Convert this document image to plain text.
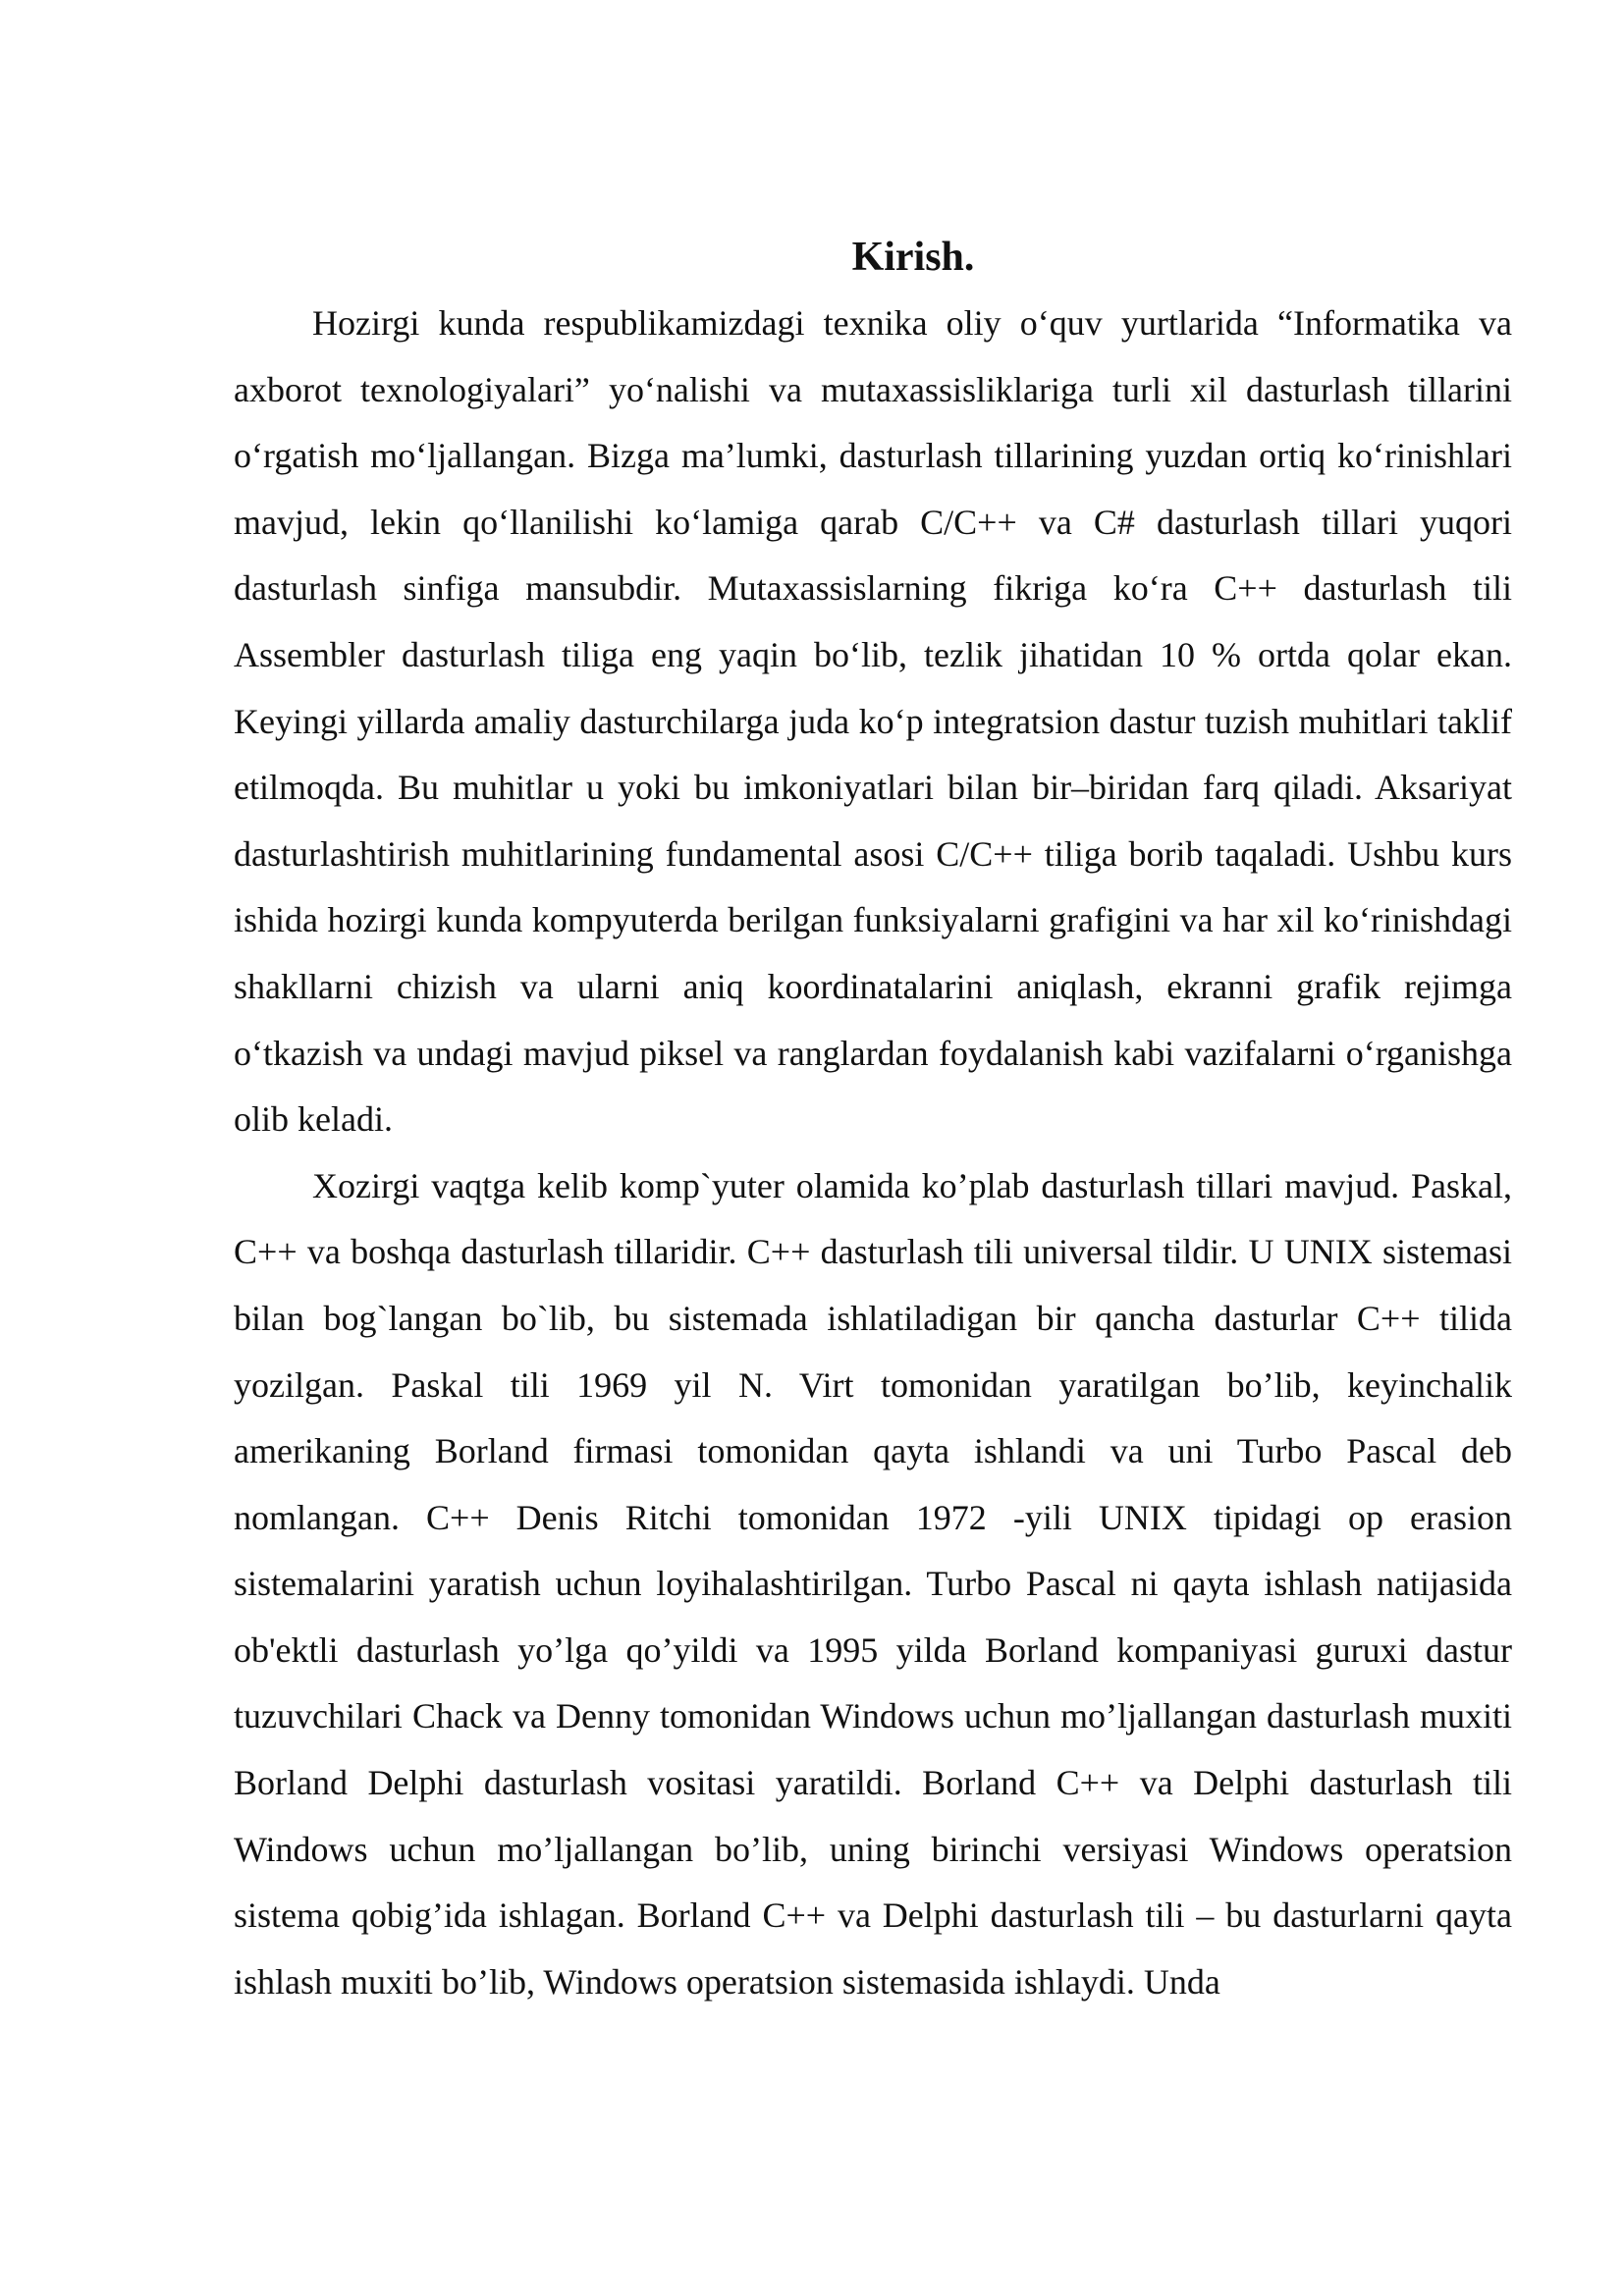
Kirish.

Hozirgi kunda respublikamizdagi texnika oliy o‘quv yurtlarida “Informatika va axborot texnologiyalari” yo‘nalishi va mutaxassisliklariga turli xil dasturlash tillarini o‘rgatish mo‘ljallangan. Bizga ma’lumki, dasturlash tillarining yuzdan ortiq ko‘rinishlari mavjud, lekin qo‘llanilishi ko‘lamiga qarab C/C++ va C# dasturlash tillari yuqori dasturlash sinfiga mansubdir. Mutaxassislarning fikriga ko‘ra C++ dasturlash tili Assembler dasturlash tiliga eng yaqin bo‘lib, tezlik jihatidan 10 % ortda qolar ekan. Keyingi yillarda amaliy dasturchilarga juda ko‘p integratsion dastur tuzish muhitlari taklif etilmoqda. Bu muhitlar u yoki bu imkoniyatlari bilan bir–biridan farq qiladi. Aksariyat dasturlashtirish muhitlarining fundamental asosi C/C++ tiliga borib taqaladi. Ushbu kurs ishida hozirgi kunda kompyuterda berilgan funksiyalarni grafigini va har xil ko‘rinishdagi shakllarni chizish va ularni aniq koordinatalarini aniqlash, ekranni grafik rejimga o‘tkazish va undagi mavjud piksel va ranglardan foydalanish kabi vazifalarni o‘rganishga olib keladi.

Xozirgi vaqtga kelib komp`yuter olamida ko’plab dasturlash tillari mavjud. Paskal, C++ va boshqa dasturlash tillaridir. C++ dasturlash tili universal tildir. U UNIX sistemasi bilan bog`langan bo`lib, bu sistemada ishlatiladigan bir qancha dasturlar C++ tilida yozilgan. Paskal tili 1969 yil N. Virt tomonidan yaratilgan bo’lib, keyinchalik amerikaning Borland firmasi tomonidan qayta ishlandi va uni Turbo Pascal deb nomlangan. C++ Denis Ritchi tomonidan 1972 -yili UNIX tipidagi op erasion sistemalarini yaratish uchun loyihalashtirilgan. Turbo Pascal ni qayta ishlash natijasida ob'ektli dasturlash yo’lga qo’yildi va 1995 yilda Borland kompaniyasi guruxi dastur tuzuvchilari Chack va Denny tomonidan Windows uchun mo’ljallangan dasturlash muxiti Borland Delphi dasturlash vositasi yaratildi. Borland C++ va Delphi dasturlash tili Windows uchun mo’ljallangan bo’lib, uning birinchi versiyasi Windows operatsion sistema qobig’ida ishlagan. Borland C++ va Delphi dasturlash tili – bu dasturlarni qayta ishlash muxiti bo’lib, Windows operatsion sistemasida ishlaydi. Unda
